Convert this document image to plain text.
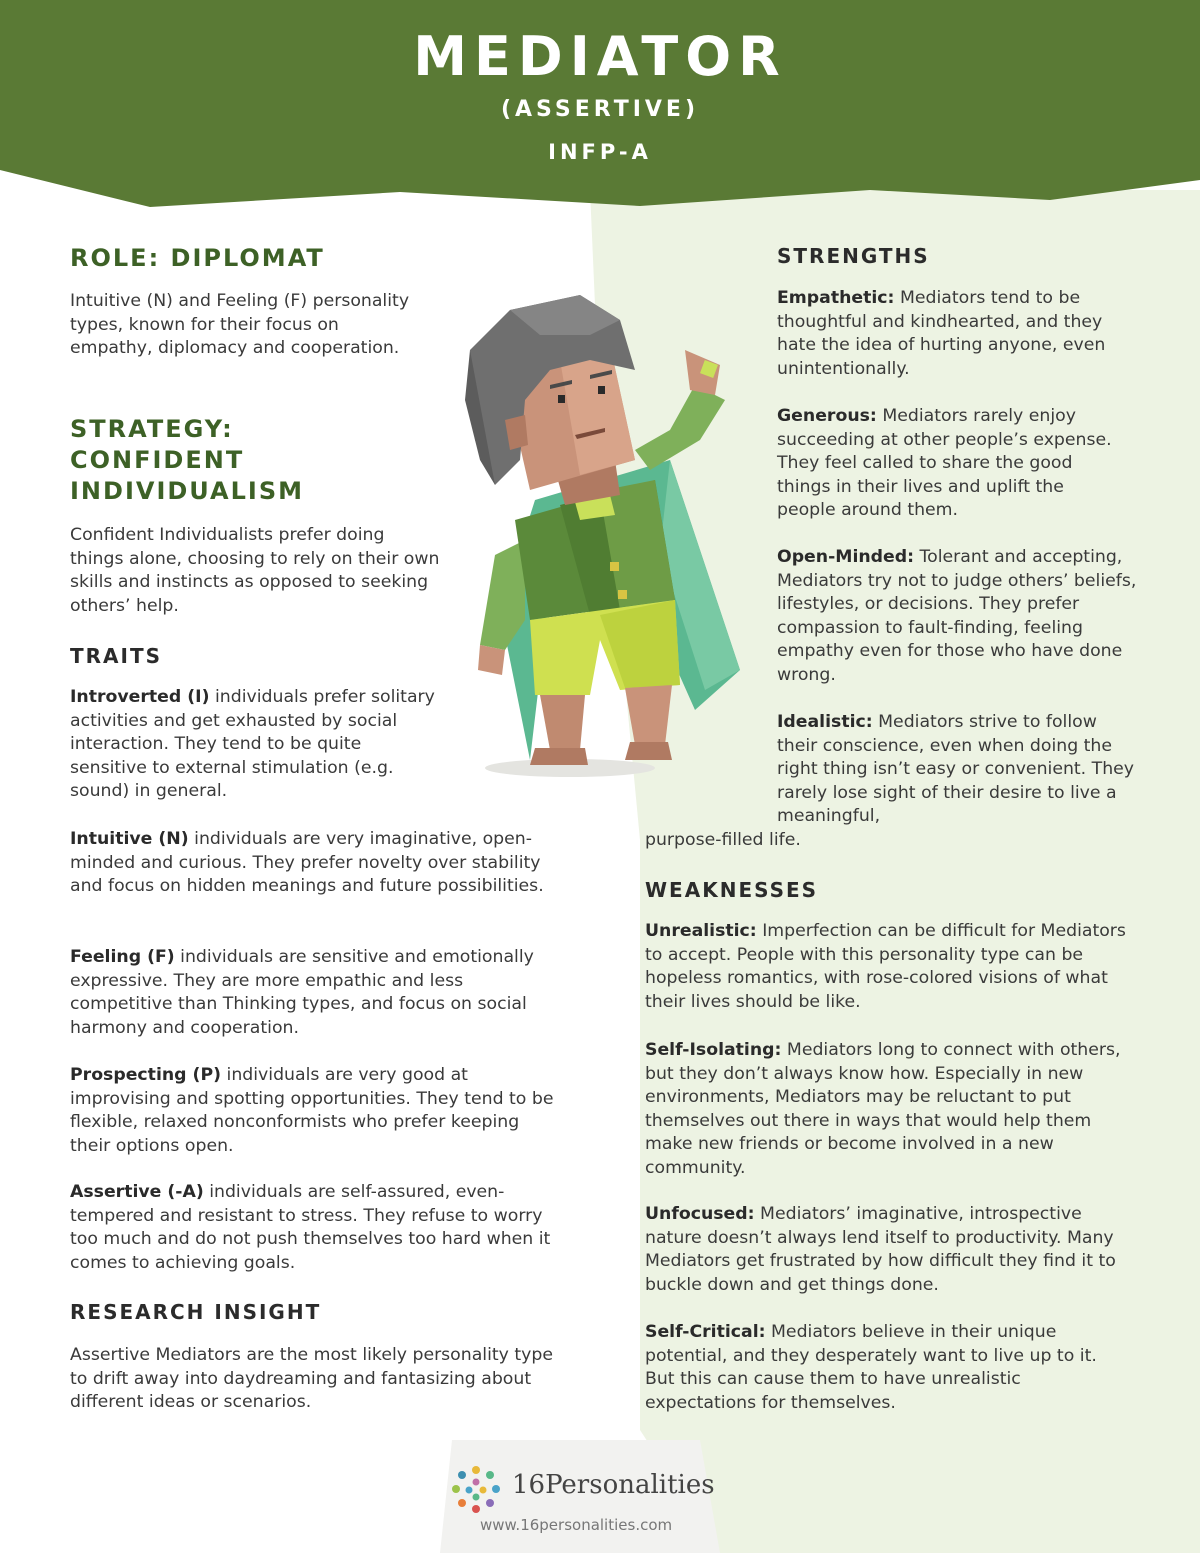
MEDIATOR
(ASSERTIVE)
INFP-A
ROLE: DIPLOMAT

Intuitive (N) and Feeling (F) personality types, known for their focus on empathy, diplomacy and cooperation.

STRATEGY:
CONFIDENT
INDIVIDUALISM

Confident Individualists prefer doing things alone, choosing to rely on their own skills and instincts as opposed to seeking others’ help.

TRAITS

Introverted (I) individuals prefer solitary activities and get exhausted by social interaction. They tend to be quite sensitive to external stimulation (e.g. sound) in general.

Intuitive (N) individuals are very imaginative, open-minded and curious. They prefer novelty over stability and focus on hidden meanings and future possibilities.

Feeling (F) individuals are sensitive and emotionally expressive. They are more empathic and less competitive than Thinking types, and focus on social harmony and cooperation.

Prospecting (P) individuals are very good at improvising and spotting opportunities. They tend to be flexible, relaxed nonconformists who prefer keeping their options open.

Assertive (-A) individuals are self-assured, even-tempered and resistant to stress. They refuse to worry too much and do not push themselves too hard when it comes to achieving goals.

RESEARCH INSIGHT

Assertive Mediators are the most likely personality type to drift away into daydreaming and fantasizing about different ideas or scenarios.

STRENGTHS

Empathetic: Mediators tend to be thoughtful and kindhearted, and they hate the idea of hurting anyone, even unintentionally.

Generous: Mediators rarely enjoy succeeding at other people’s expense. They feel called to share the good things in their lives and uplift the people around them.

Open-Minded: Tolerant and accepting, Mediators try not to judge others’ beliefs, lifestyles, or decisions. They prefer compassion to fault-finding, feeling empathy even for those who have done wrong.

Idealistic: Mediators strive to follow their conscience, even when doing the right thing isn’t easy or convenient. They rarely lose sight of their desire to live a meaningful,

purpose-filled life.

WEAKNESSES

Unrealistic: Imperfection can be difficult for Mediators to accept. People with this personality type can be hopeless romantics, with rose-colored visions of what their lives should be like.

Self-Isolating: Mediators long to connect with others, but they don’t always know how. Especially in new environments, Mediators may be reluctant to put themselves out there in ways that would help them make new friends or become involved in a new community.

Unfocused: Mediators’ imaginative, introspective nature doesn’t always lend itself to productivity. Many Mediators get frustrated by how difficult they find it to buckle down and get things done.

Self-Critical: Mediators believe in their unique potential, and they desperately want to live up to it. But this can cause them to have unrealistic expectations for themselves.

16Personalities
www.16personalities.com
